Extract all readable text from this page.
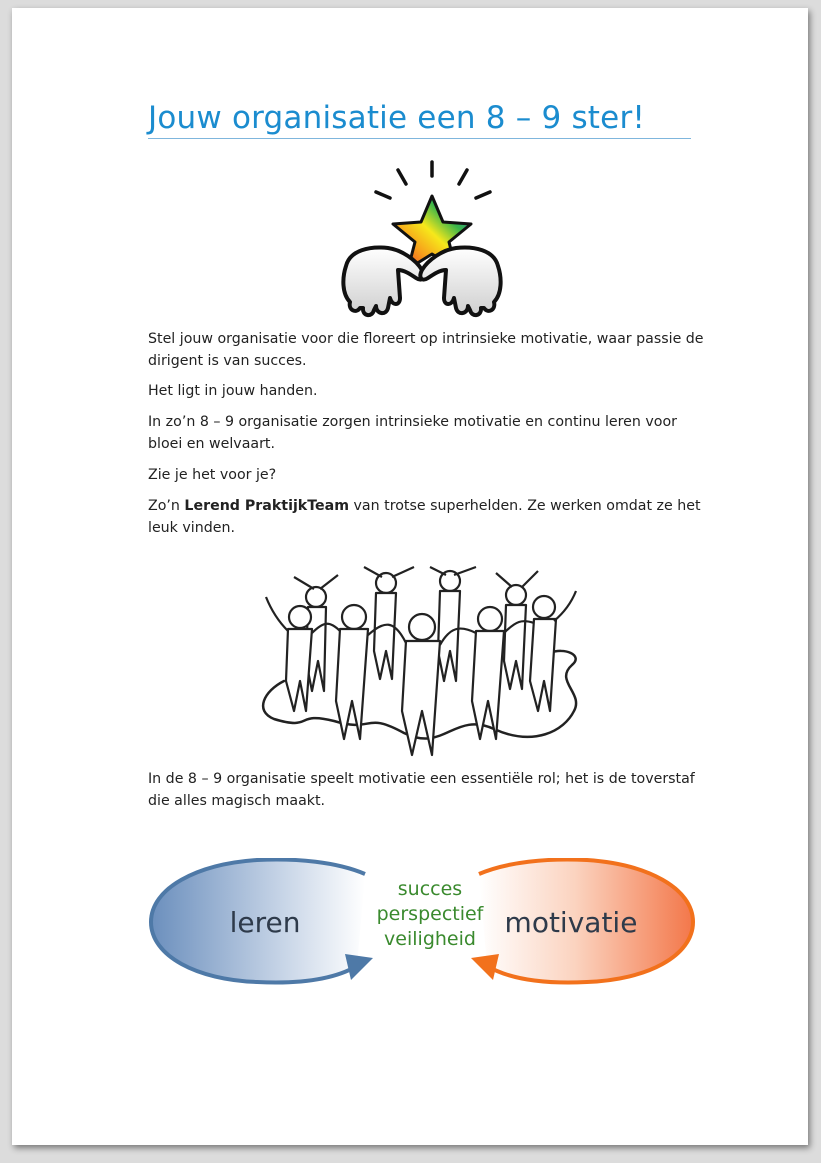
Jouw organisatie een 8 – 9 ster!
Stel jouw organisatie voor die floreert op intrinsieke motivatie, waar passie de dirigent is van succes.
Het ligt in jouw handen.
In zo’n 8 – 9 organisatie zorgen intrinsieke motivatie en continu leren voor bloei en welvaart.
Zie je het voor je?
Zo’n Lerend PraktijkTeam van trotse superhelden. Ze werken omdat ze het leuk vinden.
In de 8 – 9 organisatie speelt motivatie een essentiële rol; het is de toverstaf die alles magisch maakt.
leren	motivatie
succes
perspectief
veiligheid
